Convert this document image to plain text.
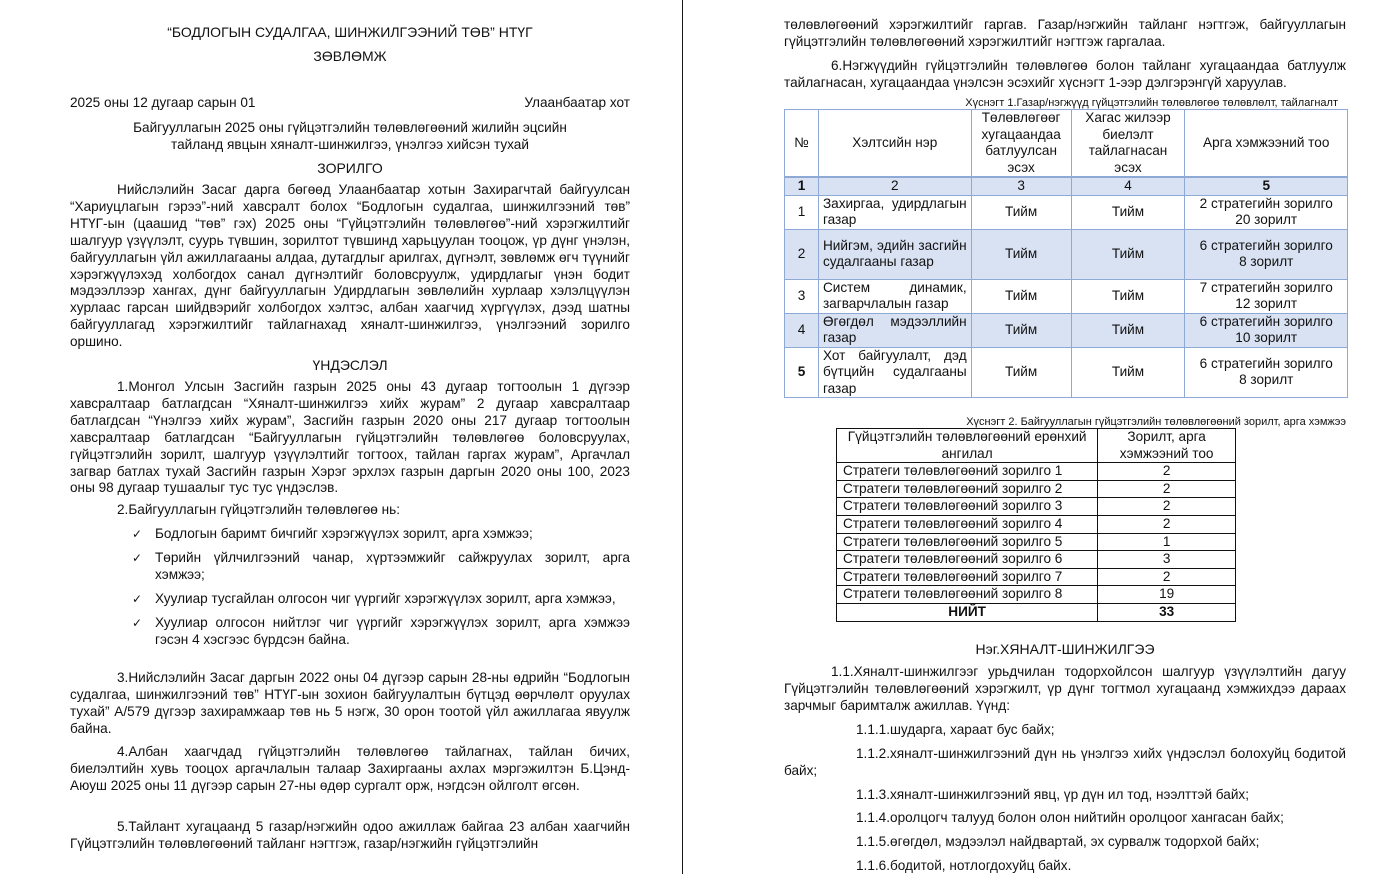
“БОДЛОГЫН СУДАЛГАА, ШИНЖИЛГЭЭНИЙ ТӨВ” НТҮГ
ЗӨВЛӨМЖ
2025 оны 12 дугаар сарын 01	Улаанбаатар хот
Байгууллагын 2025 оны гүйцэтгэлийн төлөвлөгөөний жилийн эцсийн
тайланд явцын хяналт-шинжилгээ, үнэлгээ хийсэн тухай
ЗОРИЛГО

Нийслэлийн Засаг дарга бөгөөд Улаанбаатар хотын Захирагчтай байгуулсан “Хариуцлагын гэрээ”-ний хавсралт болох “Бодлогын судалгаа, шинжилгээний төв” НТҮГ-ын (цаашид “төв” гэх) 2025 оны “Гүйцэтгэлийн төлөвлөгөө”-ний хэрэгжилтийг шалгуур үзүүлэлт, суурь түвшин, зорилтот түвшинд харьцуулан тооцож, үр дүнг үнэлэн, байгууллагын үйл ажиллагааны алдаа, дутагдлыг арилгах, дүгнэлт, зөвлөмж өгч түүнийг хэрэгжүүлэхэд холбогдох санал дүгнэлтийг боловсруулж, удирдлагыг үнэн бодит мэдээллээр хангах, дүнг байгууллагын Удирдлагын зөвлөлийн хурлаар хэлэлцүүлэн хурлаас гарсан шийдвэрийг холбогдох хэлтэс, албан хаагчид хүргүүлэх, дээд шатны байгууллагад хэрэгжилтийг тайлагнахад хяналт-шинжилгээ, үнэлгээний зорилго оршино.

ҮНДЭСЛЭЛ

1.Монгол Улсын Засгийн газрын 2025 оны 43 дугаар тогтоолын 1 дүгээр хавсралтаар батлагдсан “Хяналт-шинжилгээ хийх журам” 2 дугаар хавсралтаар батлагдсан “Үнэлгээ хийх журам”, Засгийн газрын 2020 оны 217 дугаар тогтоолын хавсралтаар батлагдсан “Байгууллагын гүйцэтгэлийн төлөвлөгөө боловсруулах, гүйцэтгэлийн зорилт, шалгуур үзүүлэлтийг тогтоох, тайлан гаргах журам”, Аргачлал загвар батлах тухай Засгийн газрын Хэрэг эрхлэх газрын даргын 2020 оны 100, 2023 оны 98 дугаар тушаалыг тус тус үндэслэв.

2.Байгууллагын гүйцэтгэлийн төлөвлөгөө нь:

✓ Бодлогын баримт бичгийг хэрэгжүүлэх зорилт, арга хэмжээ;
✓ Төрийн үйлчилгээний чанар, хүртээмжийг сайжруулах зорилт, арга хэмжээ;
✓ Хуулиар тусгайлан олгосон чиг үүргийг хэрэгжүүлэх зорилт, арга хэмжээ,
✓ Хуулиар олгосон нийтлэг чиг үүргийг хэрэгжүүлэх зорилт, арга хэмжээ гэсэн 4 хэсгээс бүрдсэн байна.

3.Нийслэлийн Засаг даргын 2022 оны 04 дүгээр сарын 28-ны өдрийн “Бодлогын судалгаа, шинжилгээний төв” НТҮГ-ын зохион байгуулалтын бүтцэд өөрчлөлт оруулах тухай” А/579 дүгээр захирамжаар төв нь 5 нэгж, 30 орон тоотой үйл ажиллагаа явуулж байна.

4.Албан хаагчдад гүйцэтгэлийн төлөвлөгөө тайлагнах, тайлан бичих, биелэлтийн хувь тооцох аргачлалын талаар Захиргааны ахлах мэргэжилтэн Б.Цэнд-Аюуш 2025 оны 11 дүгээр сарын 27-ны өдөр сургалт орж, нэгдсэн ойлголт өгсөн.

5.Тайлант хугацаанд 5 газар/нэгжийн одоо ажиллаж байгаа 23 албан хаагчийн Гүйцэтгэлийн төлөвлөгөөний тайланг нэгтгэж, газар/нэгжийн гүйцэтгэлийн

төлөвлөгөөний хэрэгжилтийг гаргав. Газар/нэгжийн тайланг нэгтгэж, байгууллагын гүйцэтгэлийн төлөвлөгөөний хэрэгжилтийг нэгтгэж гаргалаа.

6.Нэгжүүдийн гүйцэтгэлийн төлөвлөгөө болон тайланг хугацаандаа батлуулж тайлагнасан, хугацаандаа үнэлсэн эсэхийг хүснэгт 1-ээр дэлгэрэнгүй харуулав.

Хүснэгт 1.Газар/нэгжүүд гүйцэтгэлийн төлөвлөгөө төлөвлөлт, тайлагналт
№	Хэлтсийн нэр	Төлөвлөгөөг хугацаандаа батлуулсан эсэх	Хагас жилээр биелэлт тайлагнасан эсэх	Арга хэмжээний тоо
1	2	3	4	5
1	Захиргаа, удирдлагын газар	Тийм	Тийм	2 стратегийн зорилго
20 зорилт

2	Нийгэм, эдийн засгийн судалгааны газар	Тийм	Тийм	6 стратегийн зорилго
8 зорилт

3	Систем динамик, загварчлалын газар	Тийм	Тийм	7 стратегийн зорилго
12 зорилт

4	Өгөгдөл мэдээллийн газар	Тийм	Тийм	6 стратегийн зорилго
10 зорилт

5	Хот байгуулалт, дэд бүтцийн судалгааны газар	Тийм	Тийм	6 стратегийн зорилго
8 зорилт
Хүснэгт 2. Байгууллагын гүйцэтгэлийн төлөвлөгөөний зорилт, арга хэмжээ
Гүйцэтгэлийн төлөвлөгөөний ерөнхий ангилал	Зорилт, арга хэмжээний тоо
Стратеги төлөвлөгөөний зорилго 1	2
Стратеги төлөвлөгөөний зорилго 2	2
Стратеги төлөвлөгөөний зорилго 3	2
Стратеги төлөвлөгөөний зорилго 4	2
Стратеги төлөвлөгөөний зорилго 5	1
Стратеги төлөвлөгөөний зорилго 6	3
Стратеги төлөвлөгөөний зорилго 7	2
Стратеги төлөвлөгөөний зорилго 8	19
НИЙТ	33
Нэг.ХЯНАЛТ-ШИНЖИЛГЭЭ

1.1.Хяналт-шинжилгээг урьдчилан тодорхойлсон шалгуур үзүүлэлтийн дагуу Гүйцэтгэлийн төлөвлөгөөний хэрэгжилт, үр дүнг тогтмол хугацаанд хэмжихдээ дараах зарчмыг баримталж ажиллав. Үүнд:

1.1.1.шударга, хараат бус байх;

1.1.2.хяналт-шинжилгээний дүн нь үнэлгээ хийх үндэслэл болохуйц бодитой байх;

1.1.3.хяналт-шинжилгээний явц, үр дүн ил тод, нээлттэй байх;

1.1.4.оролцогч талууд болон олон нийтийн оролцоог хангасан байх;

1.1.5.өгөгдөл, мэдээлэл найдвартай, эх сурвалж тодорхой байх;

1.1.6.бодитой, нотлогдохуйц байх.
